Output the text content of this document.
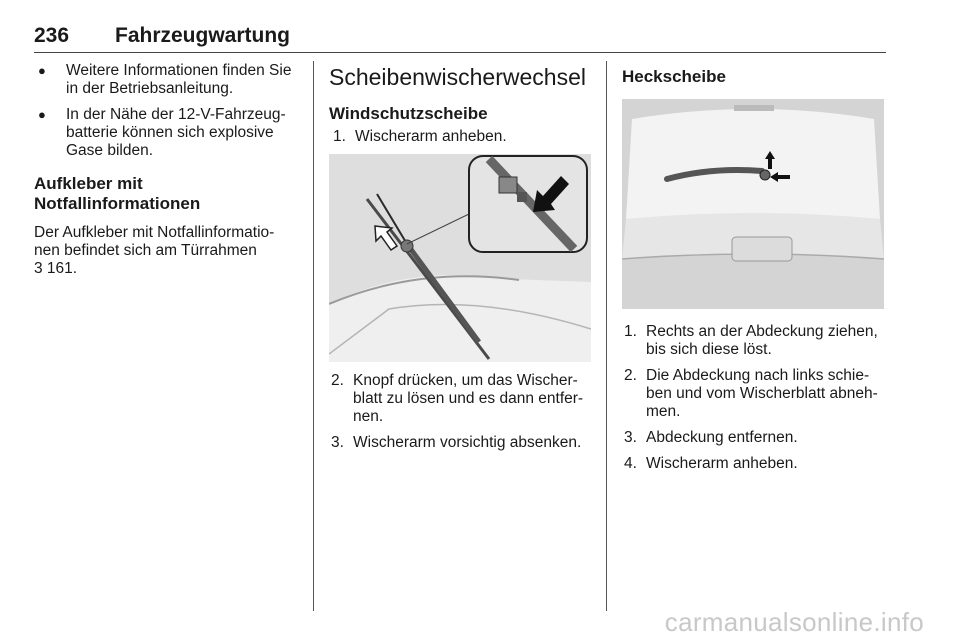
236 Fahrzeugwartung
● Weitere Informationen finden Sie in der Betriebsanleitung.
● In der Nähe der 12-V-Fahrzeug-batterie können sich explosive Gase bilden.
Aufkleber mit
Notfallinformationen

Der Aufkleber mit Notfallinformatio-
nen befindet sich am Türrahmen
3 161.

Scheibenwischerwechsel
Windschutzscheibe
1. Wischerarm anheben.
2. Knopf drücken, um das Wischer-blatt zu lösen und es dann entfer-nen.
3. Wischerarm vorsichtig absenken.
Heckscheibe
1. Rechts an der Abdeckung ziehen, bis sich diese löst.
2. Die Abdeckung nach links schie-ben und vom Wischerblatt abneh-men.
3. Abdeckung entfernen.
4. Wischerarm anheben.
carmanualsonline.info
